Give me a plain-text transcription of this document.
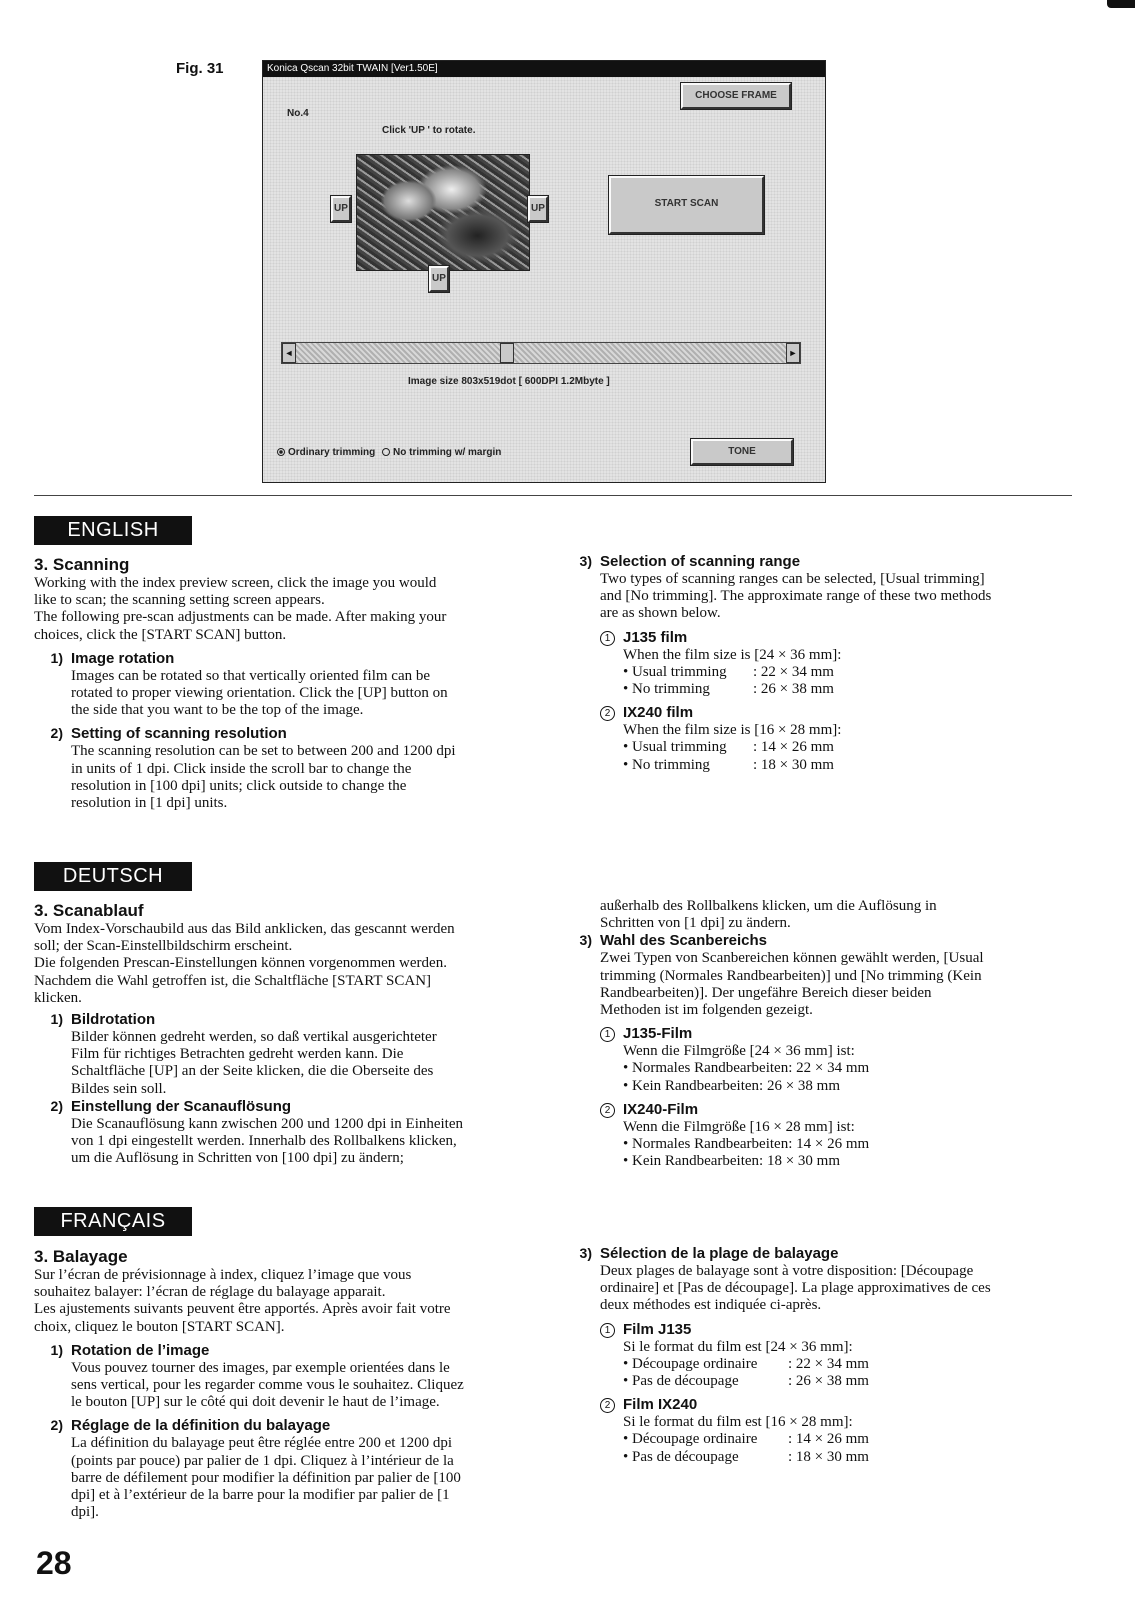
Fig. 31	Konica Qscan 32bit TWAIN [Ver1.50E]
CHOOSE FRAME
No.4
Click 'UP ' to rotate.
UP	UP
UP
START SCAN
◄	►
Image size 803x519dot [ 600DPI 1.2Mbyte ]
Ordinary trimming No trimming w/ margin	TONE
ENGLISH
3. Scanning
Working with the index preview screen, click the image you would
like to scan; the scanning setting screen appears.
The following pre-scan adjustments can be made. After making your
choices, click the [START SCAN] button.
1) Image rotation
Images can be rotated so that vertically oriented film can be
rotated to proper viewing orientation. Click the [UP] button on
the side that you want to be the top of the image.
2) Setting of scanning resolution
The scanning resolution can be set to between 200 and 1200 dpi
in units of 1 dpi. Click inside the scroll bar to change the
resolution in [100 dpi] units; click outside to change the
resolution in [1 dpi] units.
3) Selection of scanning range
Two types of scanning ranges can be selected, [Usual trimming]
and [No trimming]. The approximate range of these two methods
are as shown below.
1 J135 film
When the film size is [24 × 36 mm]:
• Usual trimming	: 22 × 34 mm
• No trimming	: 26 × 38 mm
2 IX240 film
When the film size is [16 × 28 mm]:
• Usual trimming	: 14 × 26 mm
• No trimming	: 18 × 30 mm
DEUTSCH
3. Scanablauf
Vom Index-Vorschaubild aus das Bild anklicken, das gescannt werden
soll; der Scan-Einstellbildschirm erscheint.
Die folgenden Prescan-Einstellungen können vorgenommen werden.
Nachdem die Wahl getroffen ist, die Schaltfläche [START SCAN]
klicken.
1) Bildrotation
Bilder können gedreht werden, so daß vertikal ausgerichteter
Film für richtiges Betrachten gedreht werden kann. Die
Schaltfläche [UP] an der Seite klicken, die die Oberseite des
Bildes sein soll.
2) Einstellung der Scanauflösung
Die Scanauflösung kann zwischen 200 und 1200 dpi in Einheiten
von 1 dpi eingestellt werden. Innerhalb des Rollbalkens klicken,
um die Auflösung in Schritten von [100 dpi] zu ändern;
außerhalb des Rollbalkens klicken, um die Auflösung in
Schritten von [1 dpi] zu ändern.
3) Wahl des Scanbereichs
Zwei Typen von Scanbereichen können gewählt werden, [Usual
trimming (Normales Randbearbeiten)] und [No trimming (Kein
Randbearbeiten)]. Der ungefähre Bereich dieser beiden
Methoden ist im folgenden gezeigt.
1 J135-Film
Wenn die Filmgröße [24 × 36 mm] ist:
• Normales Randbearbeiten: 22 × 34 mm
• Kein Randbearbeiten: 26 × 38 mm
2 IX240-Film
Wenn die Filmgröße [16 × 28 mm] ist:
• Normales Randbearbeiten: 14 × 26 mm
• Kein Randbearbeiten: 18 × 30 mm
FRANÇAIS
3. Balayage
Sur l’écran de prévisionnage à index, cliquez l’image que vous
souhaitez balayer: l’écran de réglage du balayage apparait.
Les ajustements suivants peuvent être apportés. Après avoir fait votre
choix, cliquez le bouton [START SCAN].
1) Rotation de l’image
Vous pouvez tourner des images, par exemple orientées dans le
sens vertical, pour les regarder comme vous le souhaitez. Cliquez
le bouton [UP] sur le côté qui doit devenir le haut de l’image.
2) Réglage de la définition du balayage
La définition du balayage peut être réglée entre 200 et 1200 dpi
(points par pouce) par palier de 1 dpi. Cliquez à l’intérieur de la
barre de défilement pour modifier la définition par palier de [100
dpi] et à l’extérieur de la barre pour la modifier par palier de [1
dpi].
3) Sélection de la plage de balayage
Deux plages de balayage sont à votre disposition: [Découpage
ordinaire] et [Pas de découpage]. La plage approximatives de ces
deux méthodes est indiquée ci-après.
1 Film J135
Si le format du film est [24 × 36 mm]:
• Découpage ordinaire	: 22 × 34 mm
• Pas de découpage	: 26 × 38 mm
2 Film IX240
Si le format du film est [16 × 28 mm]:
• Découpage ordinaire	: 14 × 26 mm
• Pas de découpage	: 18 × 30 mm
28
